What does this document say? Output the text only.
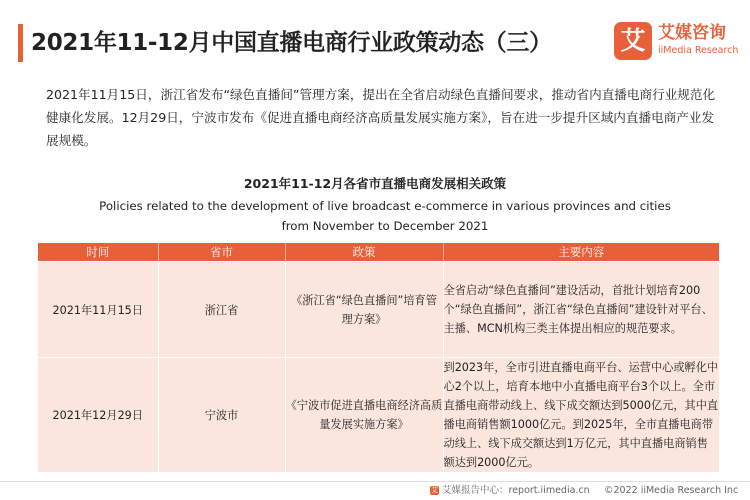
2021年11-12月中国直播电商行业政策动态（三）	艾 艾媒咨询
iiMedia Research
2021年11月15日，浙江省发布“绿色直播间”管理方案，提出在全省启动绿色直播间要求，推动省内直播电商行业规范化健康化发展。12月29日，宁波市发布《促进直播电商经济高质量发展实施方案》，旨在进一步提升区域内直播电商产业发展规模。
2021年11-12月各省市直播电商发展相关政策
Policies related to the development of live broadcast e-commerce in various provinces and cities from November to December 2021
时间	省市	政策	主要内容
2021年11月15日	浙江省	《浙江省“绿色直播间”培育管理方案》	全省启动“绿色直播间”建设活动，首批计划培育200个“绿色直播间”，浙江省“绿色直播间”建设针对平台、主播、MCN机构三类主体提出相应的规范要求。
2021年12月29日	宁波市	《宁波市促进直播电商经济高质量发展实施方案》	到2023年，全市引进直播电商平台、运营中心或孵化中心2个以上，培育本地中小直播电商平台3个以上。全市直播电商带动线上、线下成交额达到5000亿元，其中直播电商销售额1000亿元。到2025年，全市直播电商带动线上、线下成交额达到1万亿元，其中直播电商销售额达到2000亿元。
艾 艾媒报告中心：report.iimedia.cn ©2022 iiMedia Research Inc
